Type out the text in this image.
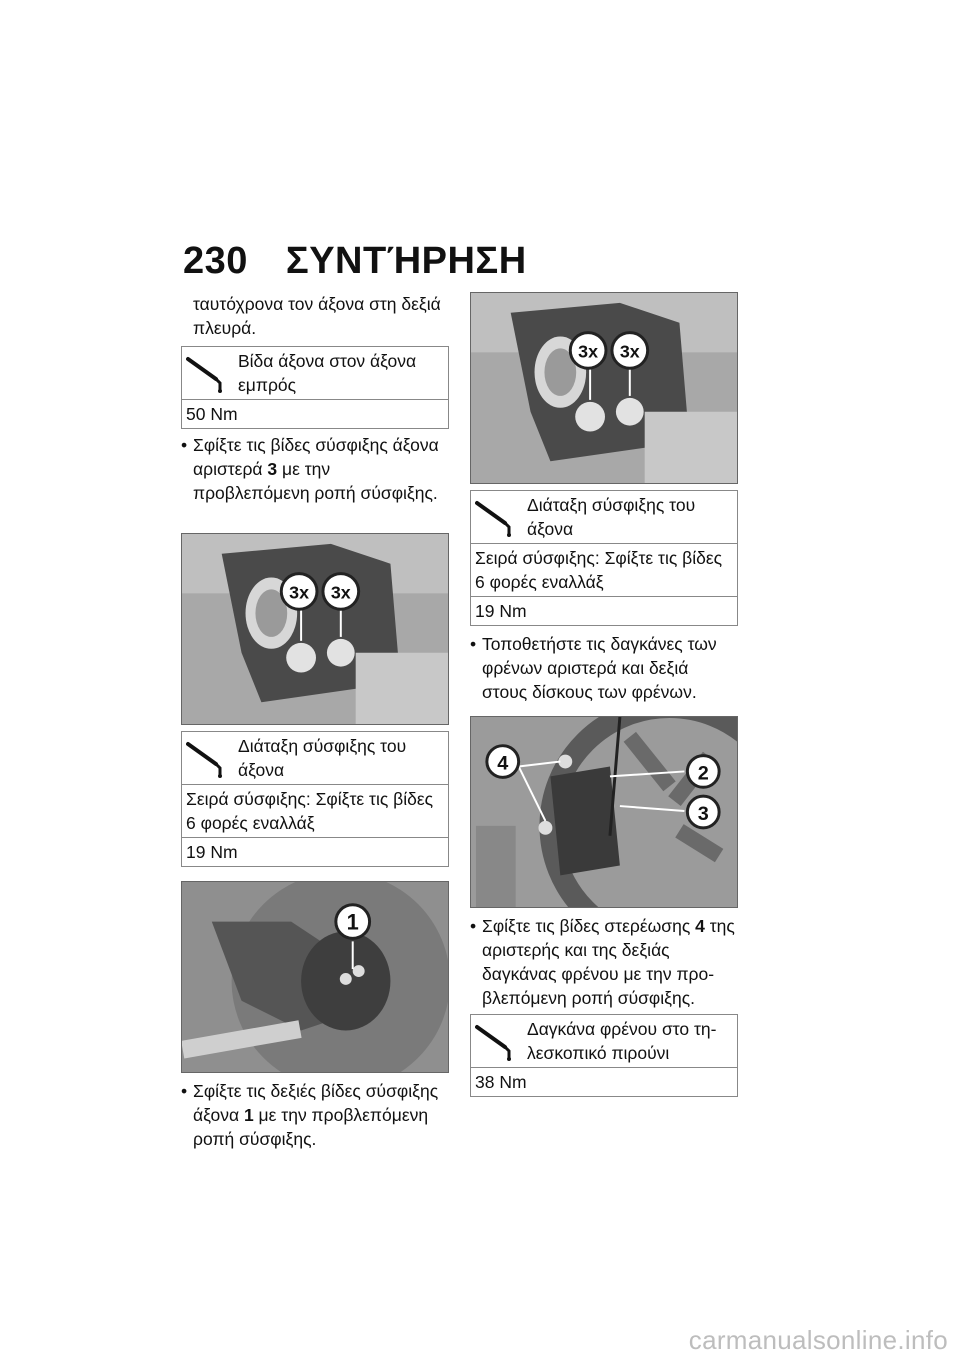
230 ΣΥΝΤΉΡΗΣΗ

ταυτόχρονα τον άξονα στη δεξιά πλευρά.

Βίδα άξονα στον άξονα εμπρός
50 Nm
• Σφίξτε τις βίδες σύσφιξης άξονα αριστερά 3 με την προβλεπόμενη ροπή σύσφιξης.
3x 3x
Διάταξη σύσφιξης του άξονα
Σειρά σύσφιξης: Σφίξτε τις βίδες 6 φορές εναλλάξ
19 Nm
1
• Σφίξτε τις δεξιές βίδες σύσφιξης άξονα 1 με την προβλεπόμενη ροπή σύσφιξης.
3x 3x
Διάταξη σύσφιξης του άξονα
Σειρά σύσφιξης: Σφίξτε τις βίδες 6 φορές εναλλάξ
19 Nm
• Τοποθετήστε τις δαγκάνες των φρένων αριστερά και δεξιά στους δίσκους των φρένων.
4	2
3
• Σφίξτε τις βίδες στερέωσης 4 της αριστερής και της δεξιάς δαγκάνας φρένου με την προβλεπόμενη ροπή σύσφιξης.
Δαγκάνα φρένου στο τηλεσκοπικό πιρούνι
38 Nm
carmanualsonline.info
